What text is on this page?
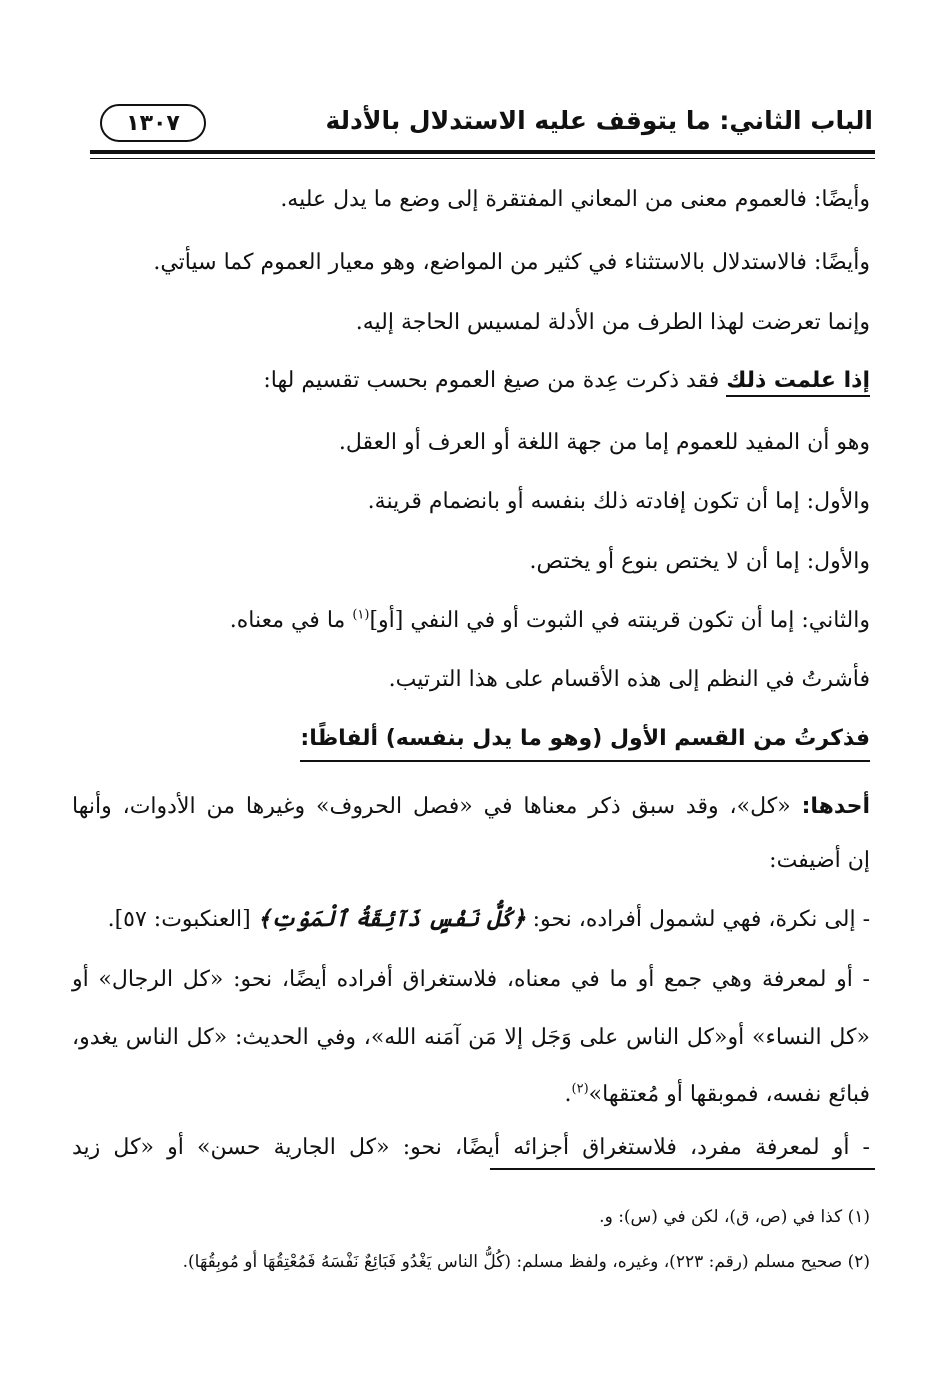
الباب الثاني: ما يتوقف عليه الاستدلال بالأدلة
١٣٠٧
وأيضًا: فالعموم معنى من المعاني المفتقرة إلى وضع ما يدل عليه.
وأيضًا: فالاستدلال بالاستثناء في كثير من المواضع، وهو معيار العموم كما سيأتي.
وإنما تعرضت لهذا الطرف من الأدلة لمسيس الحاجة إليه.
إذا علمت ذلك فقد ذكرت عِدة من صيغ العموم بحسب تقسيم لها:
وهو أن المفيد للعموم إما من جهة اللغة أو العرف أو العقل.
والأول: إما أن تكون إفادته ذلك بنفسه أو بانضمام قرينة.
والأول: إما أن لا يختص بنوع أو يختص.
والثاني: إما أن تكون قرينته في الثبوت أو في النفي [أو]$^{(١)}$ ما في معناه.
فأشرتُ في النظم إلى هذه الأقسام على هذا الترتيب.
فذكرتُ من القسم الأول (وهو ما يدل بنفسه) ألفاظًا:
أحدها: «كل»، وقد سبق ذكر معناها في «فصل الحروف» وغيرها من الأدوات، وأنها
إن أضيفت:
- إلى نكرة، فهي لشمول أفراده، نحو: ﴿كُلُّ نَفْسٍ ذَآئِقَةُ ٱلْمَوْتِ﴾ [العنكبوت: ٥٧].
- أو لمعرفة وهي جمع أو ما في معناه، فلاستغراق أفراده أيضًا، نحو: «كل الرجال» أو
«كل النساء» أو«كل الناس على وَجَل إلا مَن آمَنه الله»، وفي الحديث: «كل الناس يغدو،
فبائع نفسه، فموبقها أو مُعتقها»$^{(٢)}$.
- أو لمعرفة مفرد، فلاستغراق أجزائه أيضًا، نحو: «كل الجارية حسن» أو «كل زيد
(١) كذا في (ص، ق)، لكن في (س): و.
(٢) صحيح مسلم (رقم: ٢٢٣)، وغيره، ولفظ مسلم: (كُلُّ الناس يَغْدُو فَبَائِعٌ نَفْسَهُ فَمُعْتِقُهَا أو مُوبِقُهَا).
